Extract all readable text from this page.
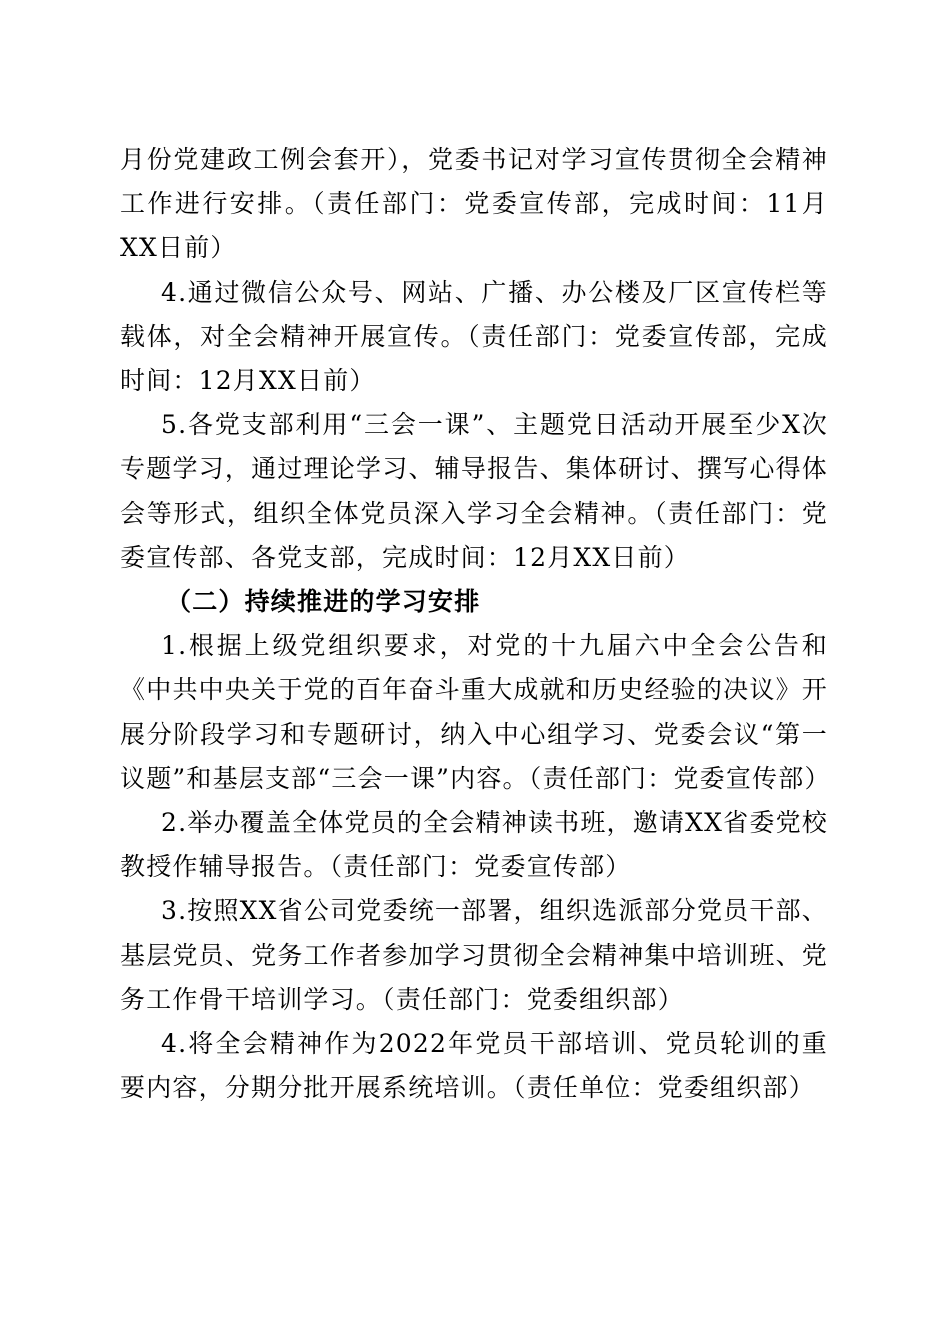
月份党建政工例会套开），党委书记对学习宣传贯彻全会精神工作进行安排。（责任部门：党委宣传部，完成时间：11月XX日前）

4.通过微信公众号、网站、广播、办公楼及厂区宣传栏等载体，对全会精神开展宣传。（责任部门：党委宣传部，完成时间：12月XX日前）

5.各党支部利用“三会一课”、主题党日活动开展至少X次专题学习，通过理论学习、辅导报告、集体研讨、撰写心得体会等形式，组织全体党员深入学习全会精神。（责任部门：党委宣传部、各党支部，完成时间：12月XX日前）

（二）持续推进的学习安排

1.根据上级党组织要求，对党的十九届六中全会公告和《中共中央关于党的百年奋斗重大成就和历史经验的决议》开展分阶段学习和专题研讨，纳入中心组学习、党委会议“第一议题”和基层支部“三会一课”内容。（责任部门：党委宣传部）

2.举办覆盖全体党员的全会精神读书班，邀请XX省委党校教授作辅导报告。（责任部门：党委宣传部）

3.按照XX省公司党委统一部署，组织选派部分党员干部、基层党员、党务工作者参加学习贯彻全会精神集中培训班、党务工作骨干培训学习。（责任部门：党委组织部）

4.将全会精神作为2022年党员干部培训、党员轮训的重要内容，分期分批开展系统培训。（责任单位：党委组织部）
